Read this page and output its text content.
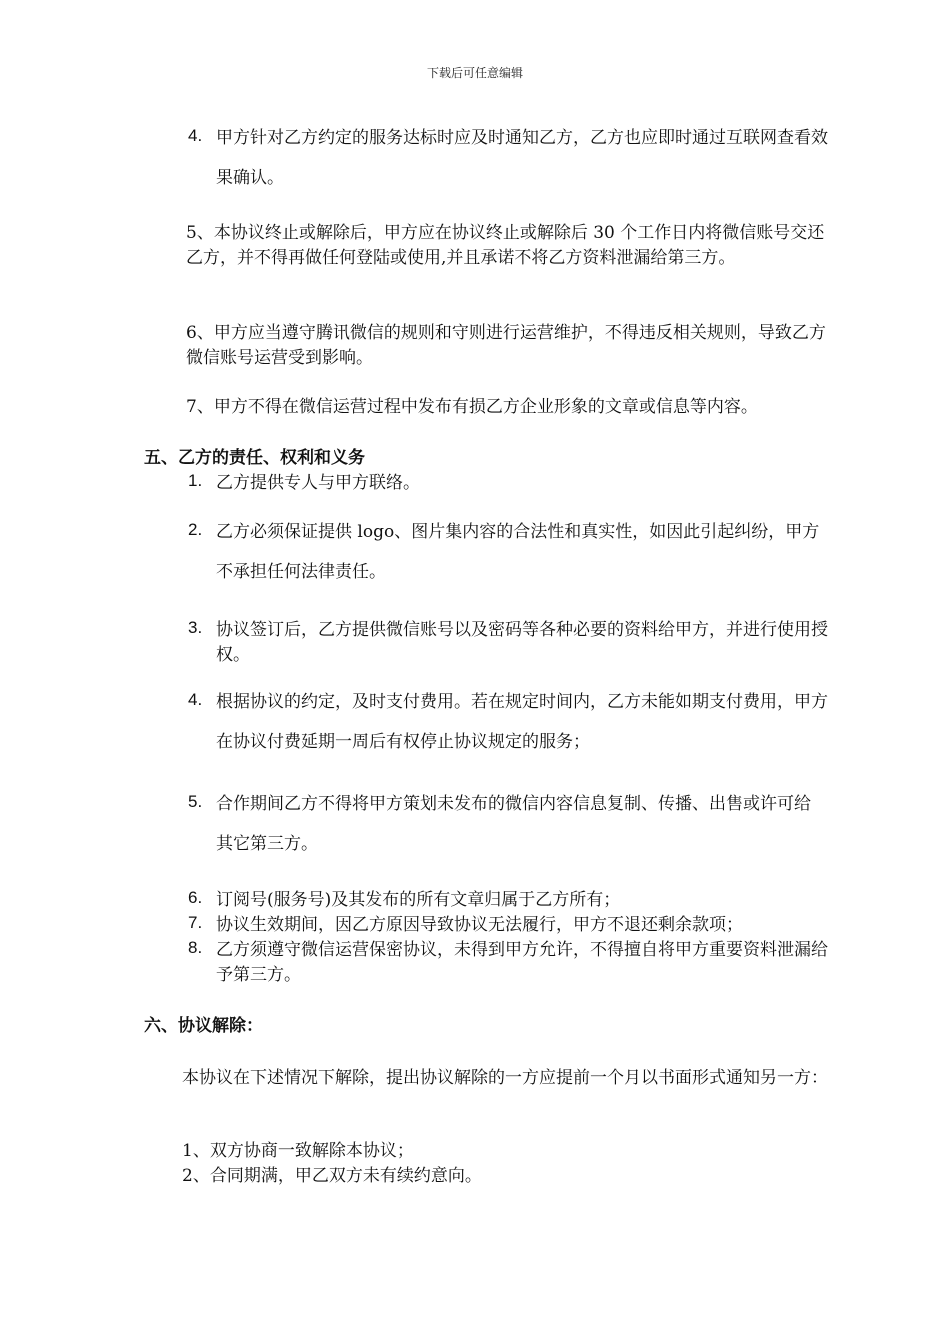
下载后可任意编辑
4. 甲方针对乙方约定的服务达标时应及时通知乙方，乙方也应即时通过互联网查看效果确认。
5、本协议终止或解除后，甲方应在协议终止或解除后 30 个工作日内将微信账号交还乙方，并不得再做任何登陆或使用,并且承诺不将乙方资料泄漏给第三方。
6、甲方应当遵守腾讯微信的规则和守则进行运营维护，不得违反相关规则，导致乙方微信账号运营受到影响。
7、甲方不得在微信运营过程中发布有损乙方企业形象的文章或信息等内容。
五、乙方的责任、权利和义务
1. 乙方提供专人与甲方联络。
2. 乙方必须保证提供 logo、图片集内容的合法性和真实性，如因此引起纠纷，甲方不承担任何法律责任。
3. 协议签订后，乙方提供微信账号以及密码等各种必要的资料给甲方，并进行使用授权。
4. 根据协议的约定，及时支付费用。若在规定时间内，乙方未能如期支付费用，甲方在协议付费延期一周后有权停止协议规定的服务；
5. 合作期间乙方不得将甲方策划未发布的微信内容信息复制、传播、出售或许可给其它第三方。
6. 订阅号(服务号)及其发布的所有文章归属于乙方所有；
7. 协议生效期间，因乙方原因导致协议无法履行，甲方不退还剩余款项；
8. 乙方须遵守微信运营保密协议，未得到甲方允许，不得擅自将甲方重要资料泄漏给予第三方。
六、协议解除：
本协议在下述情况下解除，提出协议解除的一方应提前一个月以书面形式通知另一方：
1、双方协商一致解除本协议；
2、合同期满，甲乙双方未有续约意向。
